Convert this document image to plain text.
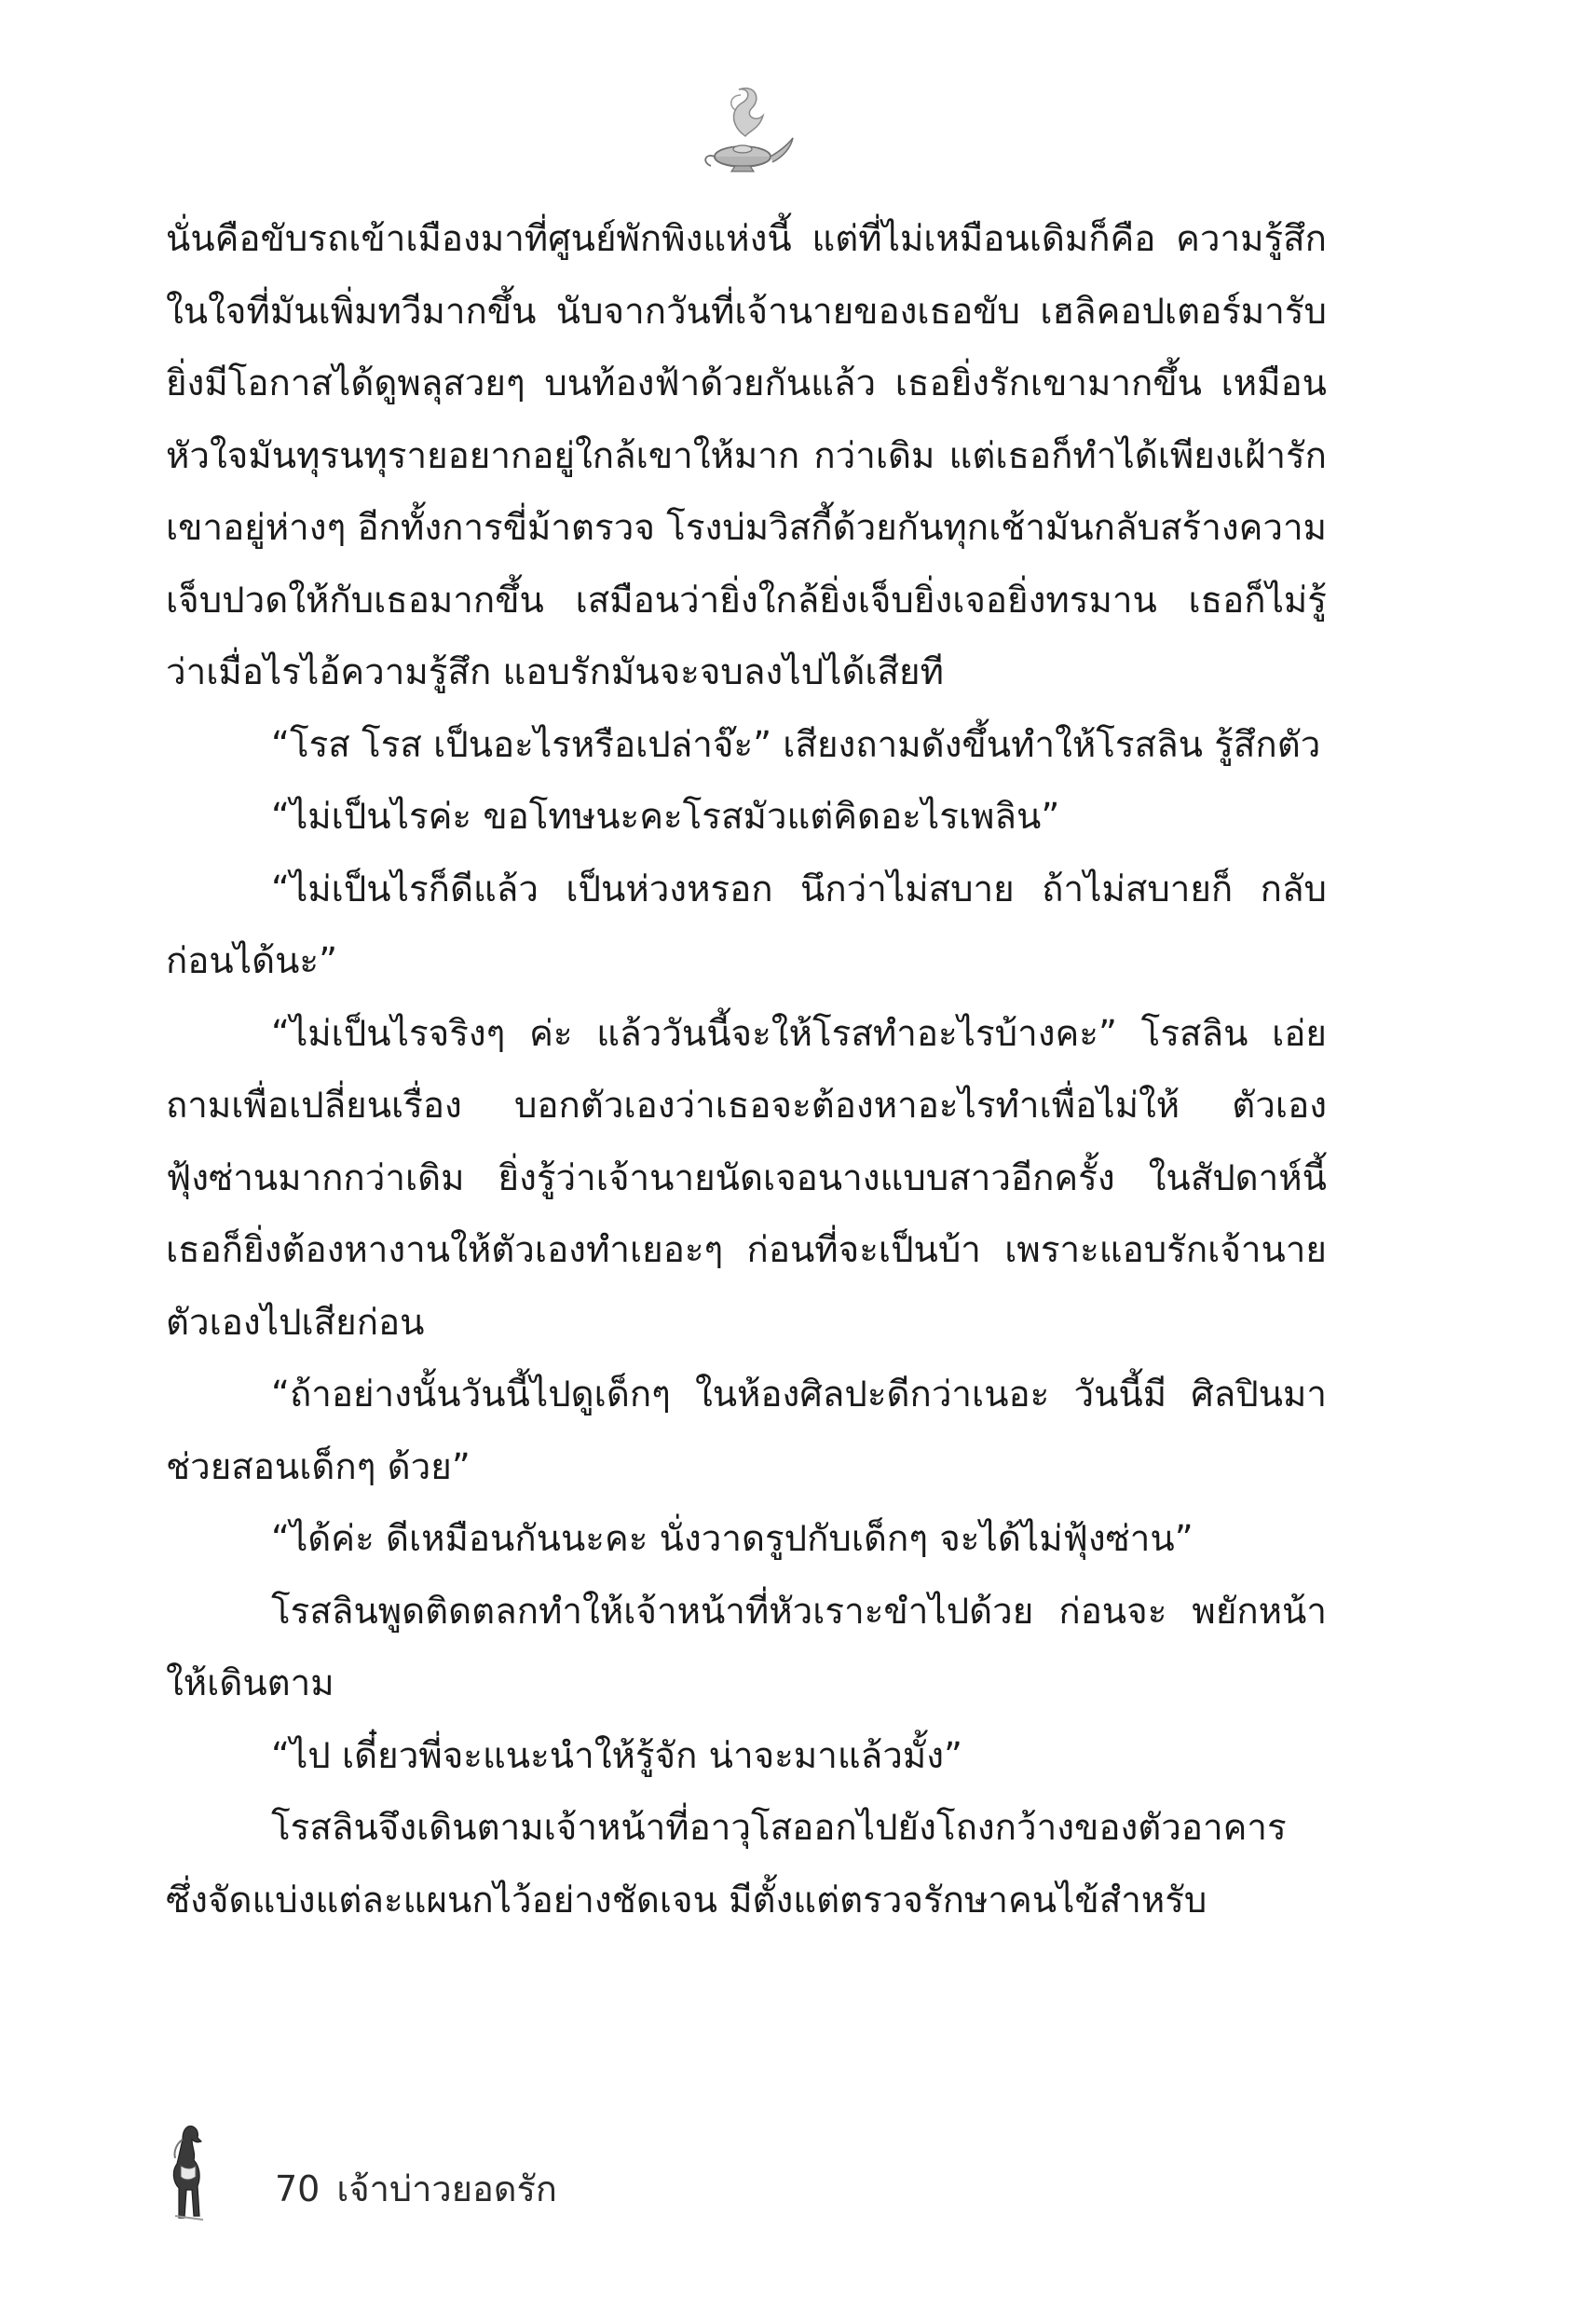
นั่นคือขับรถเข้าเมืองมาที่ศูนย์พักพิงแห่งนี้ แต่ที่ไม่เหมือนเดิมก็คือ ความรู้สึกในใจที่มันเพิ่มทวีมากขึ้น นับจากวันที่เจ้านายของเธอขับ เฮลิคอปเตอร์มารับ ยิ่งมีโอกาสได้ดูพลุสวยๆ บนท้องฟ้าด้วยกันแล้ว เธอยิ่งรักเขามากขึ้น เหมือนหัวใจมันทุรนทุรายอยากอยู่ใกล้เขาให้มาก กว่าเดิม แต่เธอก็ทำได้เพียงเฝ้ารักเขาอยู่ห่างๆ อีกทั้งการขี่ม้าตรวจ โรงบ่มวิสกี้ด้วยกันทุกเช้ามันกลับสร้างความเจ็บปวดให้กับเธอมากขึ้น เสมือนว่ายิ่งใกล้ยิ่งเจ็บยิ่งเจอยิ่งทรมาน เธอก็ไม่รู้ว่าเมื่อไรไอ้ความรู้สึก แอบรักมันจะจบลงไปได้เสียที

“โรส โรส เป็นอะไรหรือเปล่าจ๊ะ” เสียงถามดังขึ้นทำให้โรสลิน รู้สึกตัว

“ไม่เป็นไรค่ะ ขอโทษนะคะโรสมัวแต่คิดอะไรเพลิน”

“ไม่เป็นไรก็ดีแล้ว เป็นห่วงหรอก นึกว่าไม่สบาย ถ้าไม่สบายก็ กลับก่อนได้นะ”

“ไม่เป็นไรจริงๆ ค่ะ แล้ววันนี้จะให้โรสทำอะไรบ้างคะ” โรสลิน เอ่ยถามเพื่อเปลี่ยนเรื่อง บอกตัวเองว่าเธอจะต้องหาอะไรทำเพื่อไม่ให้ ตัวเองฟุ้งซ่านมากกว่าเดิม ยิ่งรู้ว่าเจ้านายนัดเจอนางแบบสาวอีกครั้ง ในสัปดาห์นี้ เธอก็ยิ่งต้องหางานให้ตัวเองทำเยอะๆ ก่อนที่จะเป็นบ้า เพราะแอบรักเจ้านายตัวเองไปเสียก่อน

“ถ้าอย่างนั้นวันนี้ไปดูเด็กๆ ในห้องศิลปะดีกว่าเนอะ วันนี้มี ศิลปินมาช่วยสอนเด็กๆ ด้วย”

“ได้ค่ะ ดีเหมือนกันนะคะ นั่งวาดรูปกับเด็กๆ จะได้ไม่ฟุ้งซ่าน”

โรสลินพูดติดตลกทำให้เจ้าหน้าที่หัวเราะขำไปด้วย ก่อนจะ พยักหน้าให้เดินตาม

“ไป เดี๋ยวพี่จะแนะนำให้รู้จัก น่าจะมาแล้วมั้ง”

โรสลินจึงเดินตามเจ้าหน้าที่อาวุโสออกไปยังโถงกว้างของตัวอาคาร ซึ่งจัดแบ่งแต่ละแผนกไว้อย่างชัดเจน มีตั้งแต่ตรวจรักษาคนไข้สำหรับ

70 เจ้าบ่าวยอดรัก
